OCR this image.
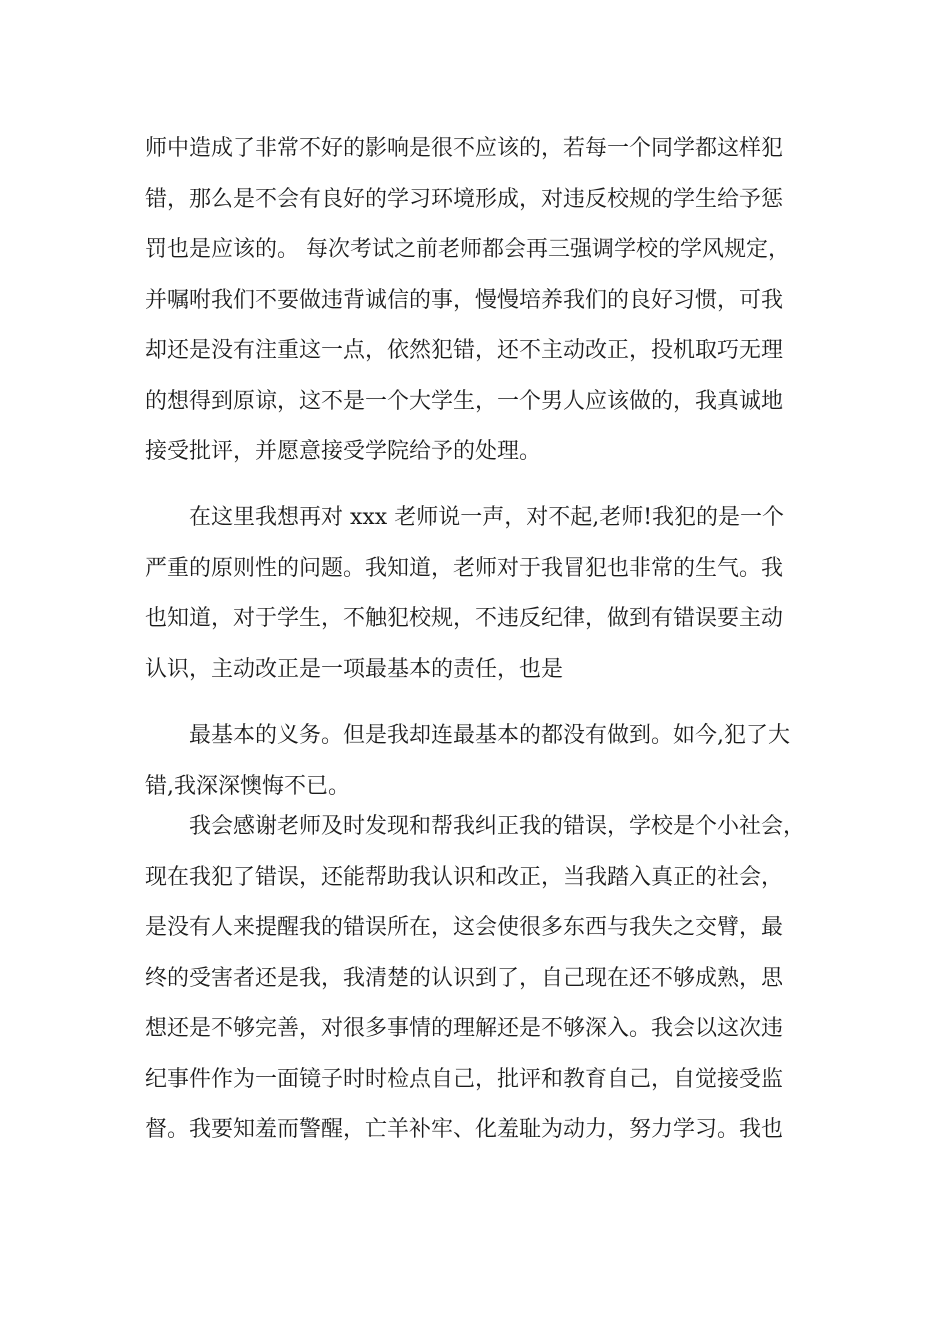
师中造成了非常不好的影响是很不应该的，若每一个同学都这样犯
错，那么是不会有良好的学习环境形成，对违反校规的学生给予惩
罚也是应该的。 每次考试之前老师都会再三强调学校的学风规定，
并嘱咐我们不要做违背诚信的事，慢慢培养我们的良好习惯，可我
却还是没有注重这一点，依然犯错，还不主动改正，投机取巧无理
的想得到原谅，这不是一个大学生，一个男人应该做的，我真诚地
接受批评，并愿意接受学院给予的处理。
　　在这里我想再对 xxx 老师说一声，对不起,老师!我犯的是一个
严重的原则性的问题。我知道，老师对于我冒犯也非常的生气。我
也知道，对于学生，不触犯校规，不违反纪律，做到有错误要主动
认识，主动改正是一项最基本的责任，也是
　　最基本的义务。但是我却连最基本的都没有做到。如今,犯了大
错,我深深懊悔不已。
　　我会感谢老师及时发现和帮我纠正我的错误，学校是个小社会，
现在我犯了错误，还能帮助我认识和改正，当我踏入真正的社会，
是没有人来提醒我的错误所在，这会使很多东西与我失之交臂，最
终的受害者还是我，我清楚的认识到了，自己现在还不够成熟，思
想还是不够完善，对很多事情的理解还是不够深入。我会以这次违
纪事件作为一面镜子时时检点自己，批评和教育自己，自觉接受监
督。我要知羞而警醒，亡羊补牢、化羞耻为动力，努力学习。我也
